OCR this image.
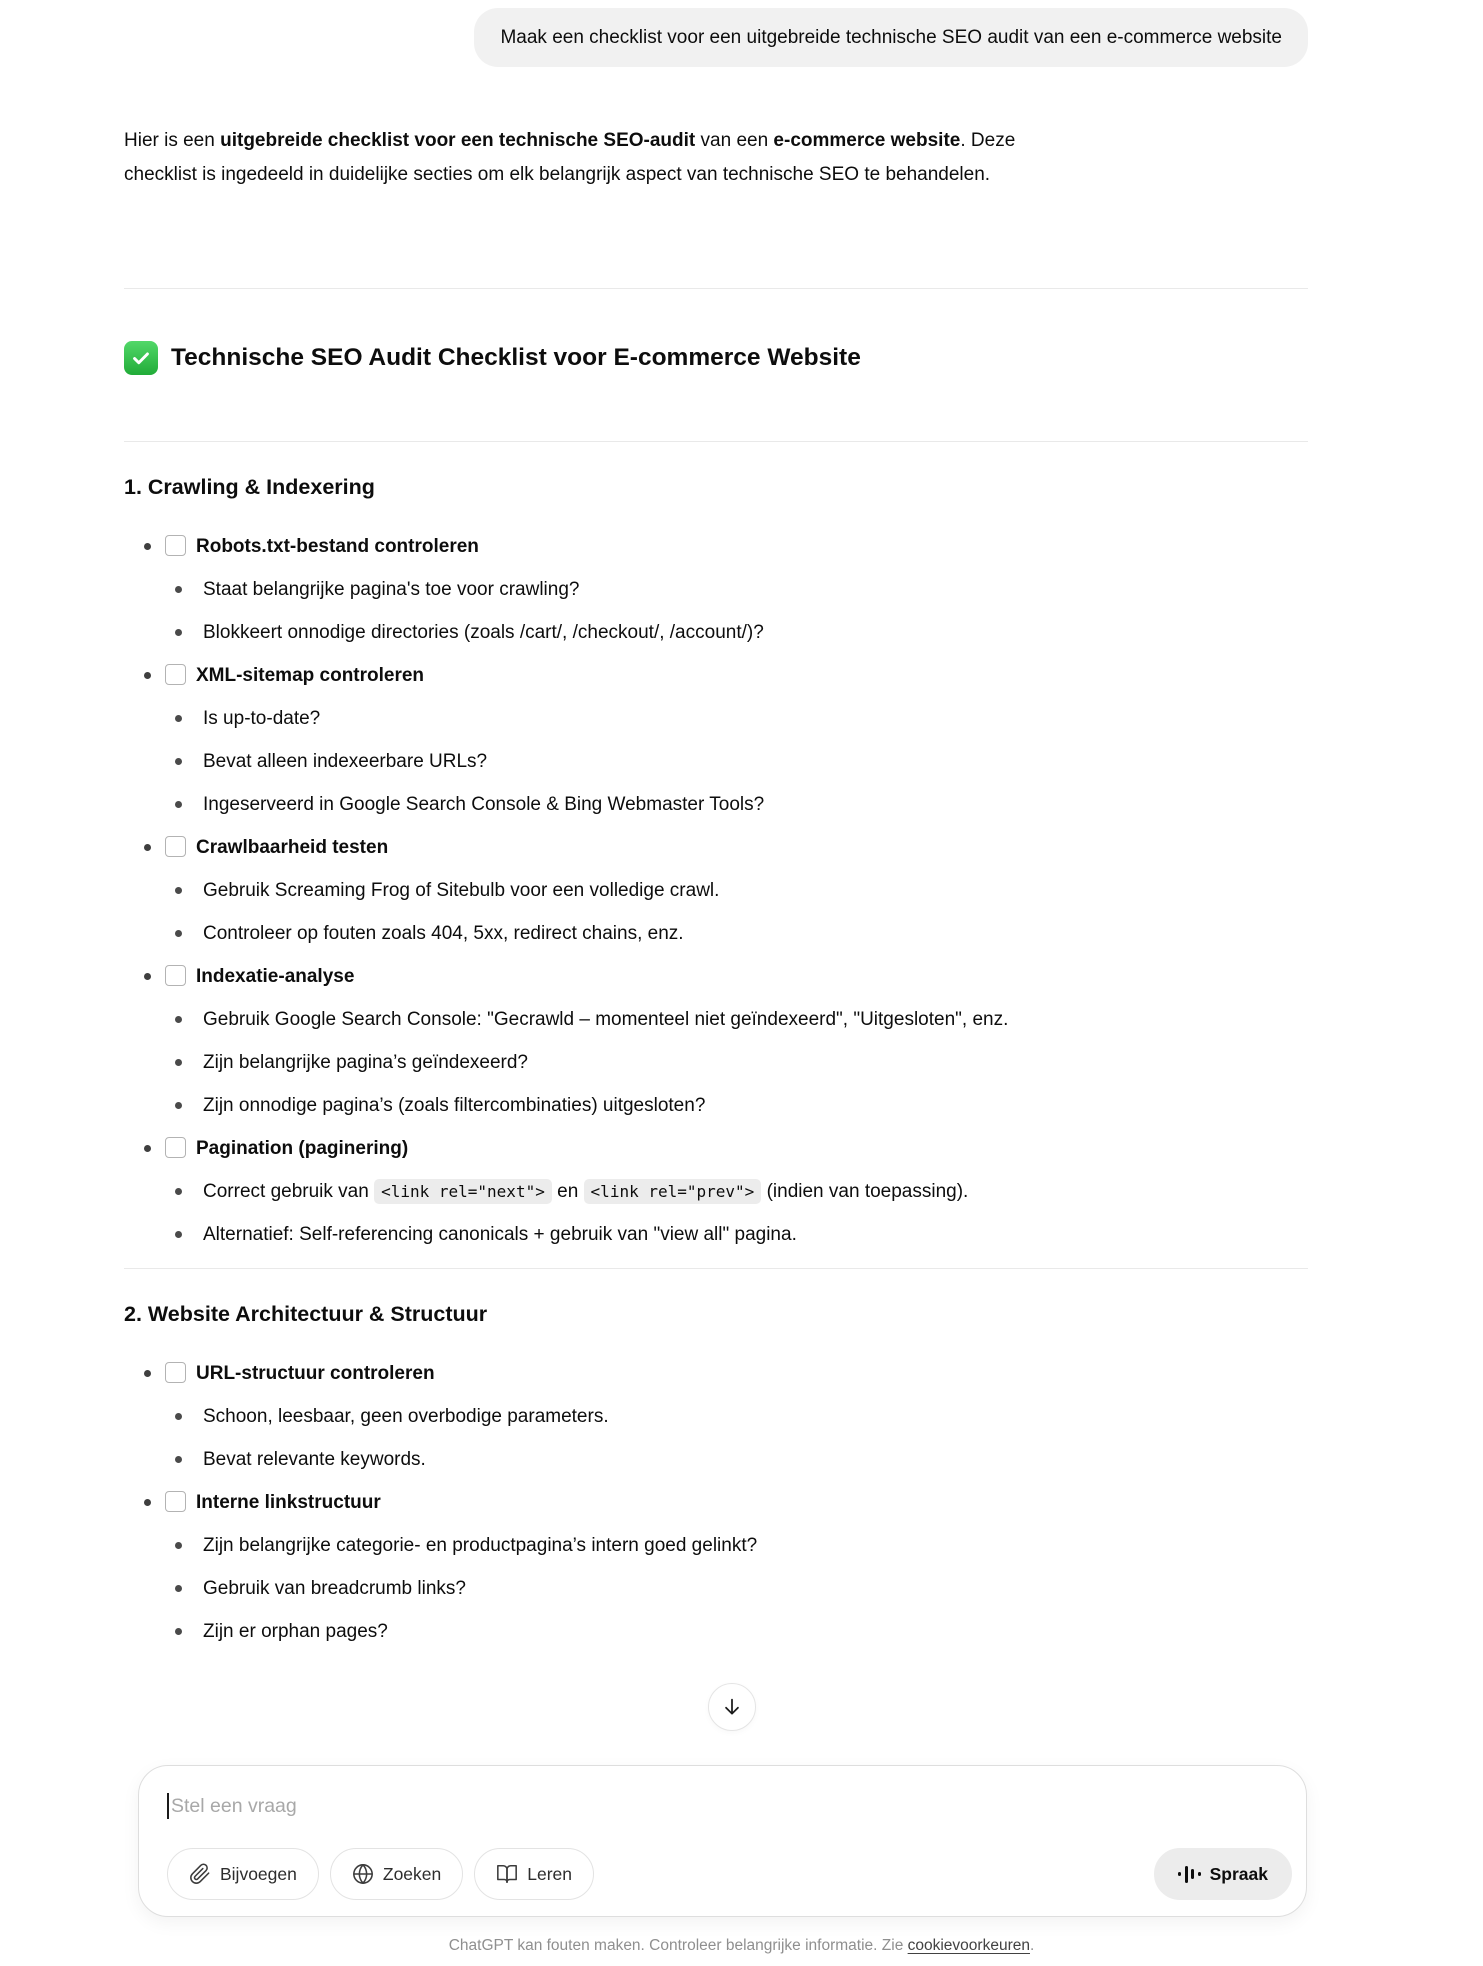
Maak een checklist voor een uitgebreide technische SEO audit van een e-commerce website

Hier is een uitgebreide checklist voor een technische SEO-audit van een e-commerce website. Deze checklist is ingedeeld in duidelijke secties om elk belangrijk aspect van technische SEO te behandelen.

Technische SEO Audit Checklist voor E-commerce Website
1. Crawling & Indexering
Robots.txt-bestand controleren
Staat belangrijke pagina's toe voor crawling?
Blokkeert onnodige directories (zoals /cart/, /checkout/, /account/)?
XML-sitemap controleren
Is up-to-date?
Bevat alleen indexeerbare URLs?
Ingeserveerd in Google Search Console & Bing Webmaster Tools?
Crawlbaarheid testen
Gebruik Screaming Frog of Sitebulb voor een volledige crawl.
Controleer op fouten zoals 404, 5xx, redirect chains, enz.
Indexatie-analyse
Gebruik Google Search Console: "Gecrawld – momenteel niet geïndexeerd", "Uitgesloten", enz.
Zijn belangrijke pagina’s geïndexeerd?
Zijn onnodige pagina’s (zoals filtercombinaties) uitgesloten?
Pagination (paginering)
Correct gebruik van <link rel="next"> en <link rel="prev"> (indien van toepassing).
Alternatief: Self-referencing canonicals + gebruik van "view all" pagina.
2. Website Architectuur & Structuur
URL-structuur controleren
Schoon, leesbaar, geen overbodige parameters.
Bevat relevante keywords.
Interne linkstructuur
Zijn belangrijke categorie- en productpagina’s intern goed gelinkt?
Gebruik van breadcrumb links?
Zijn er orphan pages?
Stel een vraag
Bijvoegen	Zoeken	Leren	Spraak
ChatGPT kan fouten maken. Controleer belangrijke informatie. Zie cookievoorkeuren.
